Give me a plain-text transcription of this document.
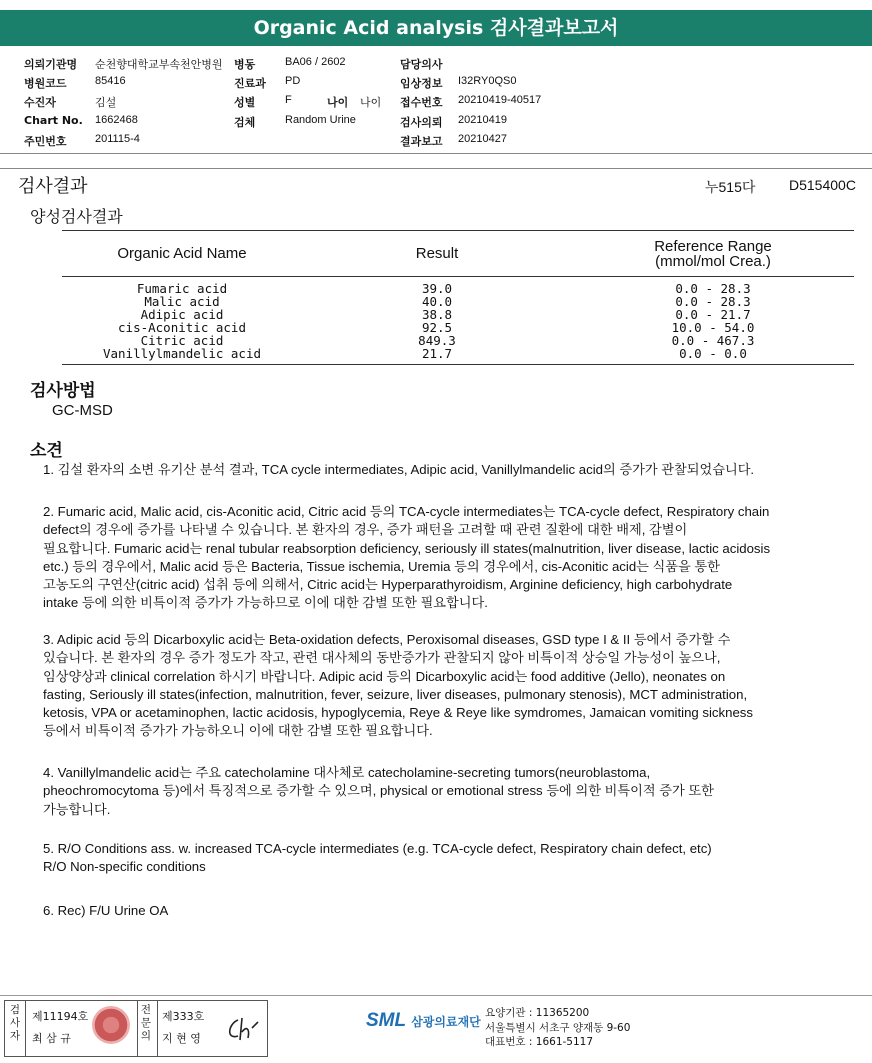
Organic Acid analysis 검사결과보고서
의뢰기관명 순천향대학교부속천안병원 병동	BA06 / 2602	담당의사
병원코드	85416	진료과 PD	임상정보 I32RY0QS0
수진자	김설	성별	F	나이 나이 접수번호 20210419-40517
Chart No. 1662468	검체	Random Urine	검사의뢰 20210419
주민번호	201115-4	결과보고 20210427
검사결과	누515다 D515400C
양성검사결과
Organic Acid Name	Result	Reference Range
(mmol/mol Crea.)

Fumaric acid	39.0	0.0 - 28.3
Malic acid	40.0	0.0 - 28.3
Adipic acid	38.8	0.0 - 21.7
cis-Aconitic acid	92.5	10.0 - 54.0
Citric acid	849.3	0.0 - 467.3
Vanillylmandelic acid	21.7	0.0 - 0.0
검사방법
GC-MSD
소견
1. 김설 환자의 소변 유기산 분석 결과, TCA cycle intermediates, Adipic acid, Vanillylmandelic acid의 증가가 관찰되었습니다.
2. Fumaric acid, Malic acid, cis-Aconitic acid, Citric acid 등의 TCA-cycle intermediates는 TCA-cycle defect, Respiratory chain
defect의 경우에 증가를 나타낼 수 있습니다. 본 환자의 경우, 증가 패턴을 고려할 때 관련 질환에 대한 배제, 감별이
필요합니다. Fumaric acid는 renal tubular reabsorption deficiency, seriously ill states(malnutrition, liver disease, lactic acidosis
etc.) 등의 경우에서, Malic acid 등은 Bacteria, Tissue ischemia, Uremia 등의 경우에서, cis-Aconitic acid는 식품을 통한
고농도의 구연산(citric acid) 섭취 등에 의해서, Citric acid는 Hyperparathyroidism, Arginine deficiency, high carbohydrate
intake 등에 의한 비특이적 증가가 가능하므로 이에 대한 감별 또한 필요합니다.
3. Adipic acid 등의 Dicarboxylic acid는 Beta-oxidation defects, Peroxisomal diseases, GSD type I & II 등에서 증가할 수
있습니다. 본 환자의 경우 증가 정도가 작고, 관련 대사체의 동반증가가 관찰되지 않아 비특이적 상승일 가능성이 높으나,
임상양상과 clinical correlation 하시기 바랍니다. Adipic acid 등의 Dicarboxylic acid는 food additive (Jello), neonates on
fasting, Seriously ill states(infection, malnutrition, fever, seizure, liver diseases, pulmonary stenosis), MCT administration,
ketosis, VPA or acetaminophen, lactic acidosis, hypoglycemia, Reye & Reye like symdromes, Jamaican vomiting sickness
등에서 비특이적 증가가 가능하오니 이에 대한 감별 또한 필요합니다.
4. Vanillylmandelic acid는 주요 catecholamine 대사체로 catecholamine-secreting tumors(neuroblastoma,
pheochromocytoma 등)에서 특징적으로 증가할 수 있으며, physical or emotional stress 등에 의한 비특이적 증가 또한
가능합니다.
5. R/O Conditions ass. w. increased TCA-cycle intermediates (e.g. TCA-cycle defect, Respiratory chain defect, etc)
R/O Non-specific conditions
6. Rec) F/U Urine OA
검사자
제11194호
최 삼 규
전문의
제333호
지 현 영
SML 삼광의료재단
요양기관 : 11365200
서울특별시 서초구 양재동 9-60
대표번호 : 1661-5117
